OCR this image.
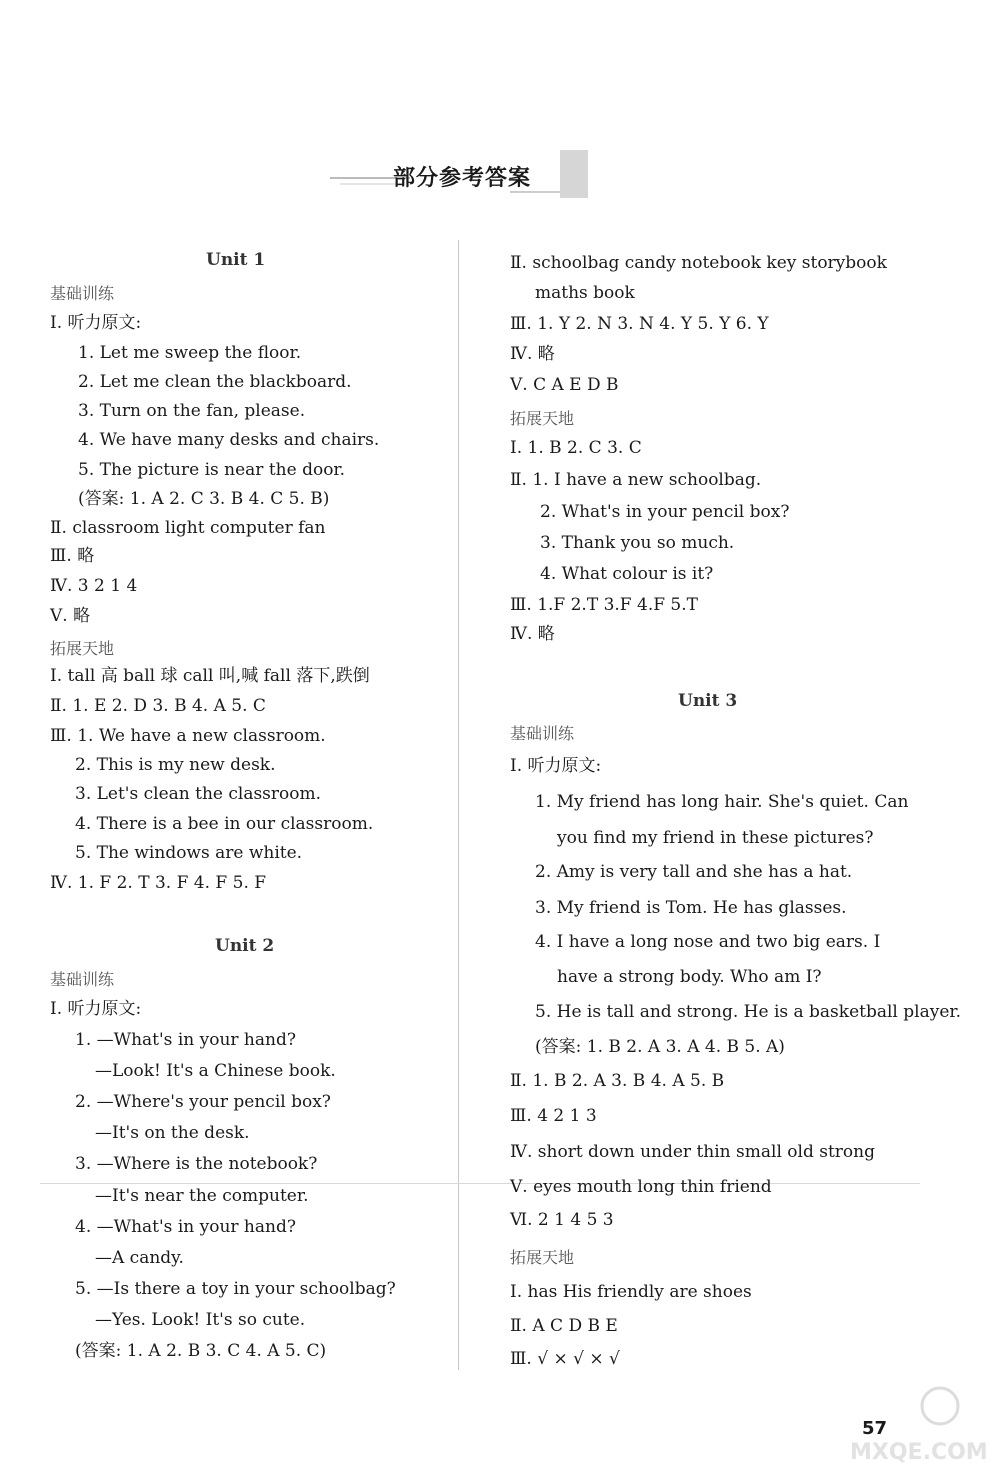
部分参考答案
Unit 1
基础训练
Ⅰ. 听力原文:
1. Let me sweep the floor.
2. Let me clean the blackboard.
3. Turn on the fan, please.
4. We have many desks and chairs.
5. The picture is near the door.
(答案: 1. A 2. C 3. B 4. C 5. B)
Ⅱ. classroom light computer fan
Ⅲ. 略
Ⅳ. 3 2 1 4
Ⅴ. 略
拓展天地
Ⅰ. tall 高 ball 球 call 叫,喊 fall 落下,跌倒
Ⅱ. 1. E 2. D 3. B 4. A 5. C
Ⅲ. 1. We have a new classroom.
2. This is my new desk.
3. Let's clean the classroom.
4. There is a bee in our classroom.
5. The windows are white.
Ⅳ. 1. F 2. T 3. F 4. F 5. F
Unit 2
基础训练
Ⅰ. 听力原文:
1. —What's in your hand?
—Look! It's a Chinese book.
2. —Where's your pencil box?
—It's on the desk.
3. —Where is the notebook?
—It's near the computer.
4. —What's in your hand?
—A candy.
5. —Is there a toy in your schoolbag?
—Yes. Look! It's so cute.
(答案: 1. A 2. B 3. C 4. A 5. C)
Ⅱ. schoolbag candy notebook key storybook
maths book
Ⅲ. 1. Y 2. N 3. N 4. Y 5. Y 6. Y
Ⅳ. 略
Ⅴ. C A E D B
拓展天地
Ⅰ. 1. B 2. C 3. C
Ⅱ. 1. I have a new schoolbag.
2. What's in your pencil box?
3. Thank you so much.
4. What colour is it?
Ⅲ. 1.F 2.T 3.F 4.F 5.T
Ⅳ. 略
Unit 3
基础训练
Ⅰ. 听力原文:
1. My friend has long hair. She's quiet. Can
you find my friend in these pictures?
2. Amy is very tall and she has a hat.
3. My friend is Tom. He has glasses.
4. I have a long nose and two big ears. I
have a strong body. Who am I?
5. He is tall and strong. He is a basketball player.
(答案: 1. B 2. A 3. A 4. B 5. A)
Ⅱ. 1. B 2. A 3. B 4. A 5. B
Ⅲ. 4 2 1 3
Ⅳ. short down under thin small old strong
Ⅴ. eyes mouth long thin friend
Ⅵ. 2 1 4 5 3
拓展天地
Ⅰ. has His friendly are shoes
Ⅱ. A C D B E
Ⅲ. √ × √ × √
57
MXQE.COM
